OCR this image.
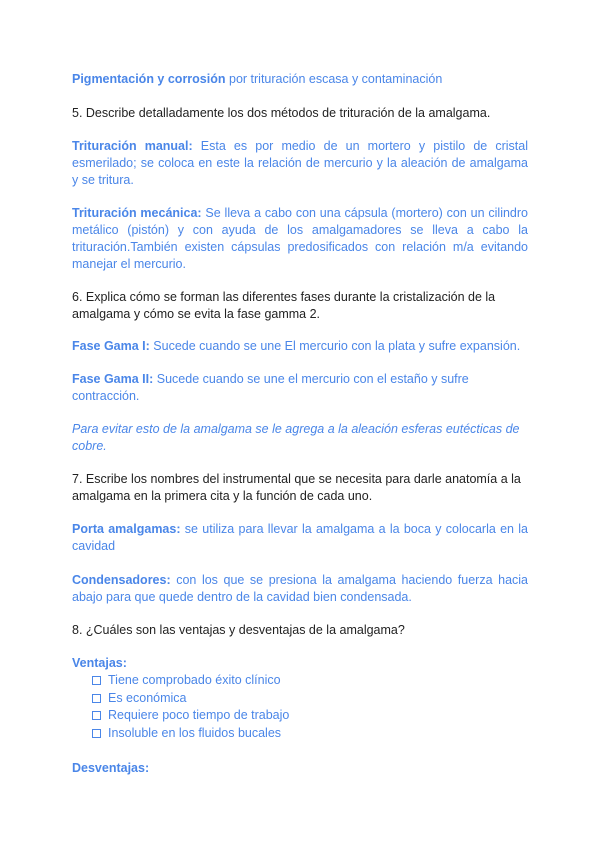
Pigmentación y corrosión por trituración escasa y contaminación

5. Describe detalladamente los dos métodos de trituración de la amalgama.

Trituración manual: Esta es por medio de un mortero y pistilo de cristal esmerilado; se coloca en este la relación de mercurio y la aleación de amalgama y se tritura.

Trituración mecánica: Se lleva a cabo con una cápsula (mortero) con un cilindro metálico (pistón) y con ayuda de los amalgamadores se lleva a cabo la trituración.También existen cápsulas predosificados con relación m/a evitando manejar el mercurio.

6. Explica cómo se forman las diferentes fases durante la cristalización de la amalgama y cómo se evita la fase gamma 2.

Fase Gama I: Sucede cuando se une El mercurio con la plata y sufre expansión.

Fase Gama II: Sucede cuando se une el mercurio con el estaño y sufre contracción.

Para evitar esto de la amalgama se le agrega a la aleación esferas eutécticas de cobre.

7. Escribe los nombres del instrumental que se necesita para darle anatomía a la amalgama en la primera cita y la función de cada uno.

Porta amalgamas: se utiliza para llevar la amalgama a la boca y colocarla en la cavidad

Condensadores: con los que se presiona la amalgama haciendo fuerza hacia abajo para que quede dentro de la cavidad bien condensada.

8. ¿Cuáles son las ventajas y desventajas de la amalgama?

Ventajas:

Tiene comprobado éxito clínico
Es económica
Requiere poco tiempo de trabajo
Insoluble en los fluidos bucales

Desventajas:
